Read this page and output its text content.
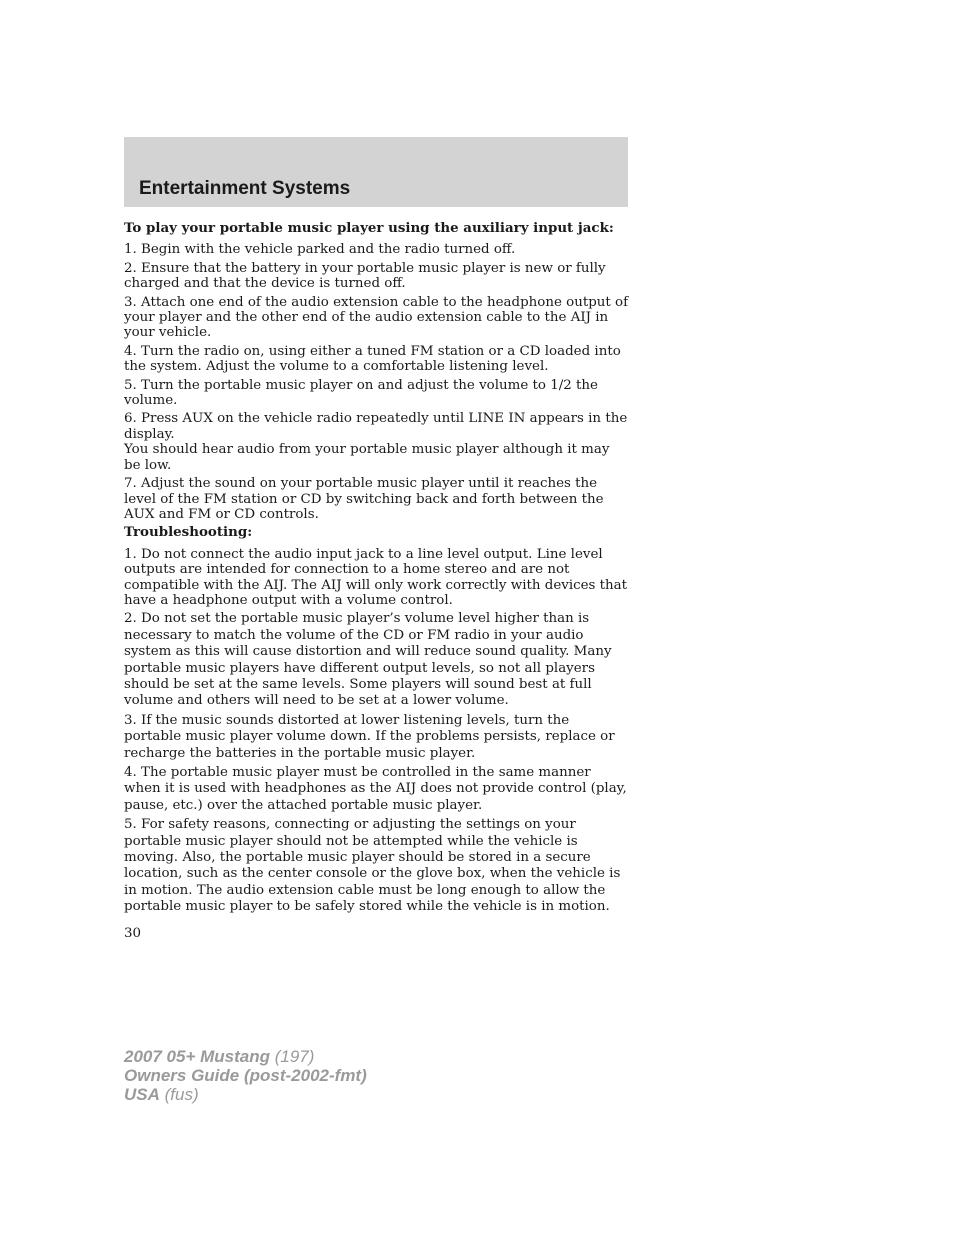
Entertainment Systems

To play your portable music player using the auxiliary input jack:

1. Begin with the vehicle parked and the radio turned off.

2. Ensure that the battery in your portable music player is new or fully charged and that the device is turned off.

3. Attach one end of the audio extension cable to the headphone output of your player and the other end of the audio extension cable to the AIJ in your vehicle.

4. Turn the radio on, using either a tuned FM station or a CD loaded into the system. Adjust the volume to a comfortable listening level.

5. Turn the portable music player on and adjust the volume to 1/2 the volume.

6. Press AUX on the vehicle radio repeatedly until LINE IN appears in the display.

You should hear audio from your portable music player although it may be low.

7. Adjust the sound on your portable music player until it reaches the level of the FM station or CD by switching back and forth between the AUX and FM or CD controls.

Troubleshooting:

1. Do not connect the audio input jack to a line level output. Line level outputs are intended for connection to a home stereo and are not compatible with the AIJ. The AIJ will only work correctly with devices that have a headphone output with a volume control.

2. Do not set the portable music player’s volume level higher than is necessary to match the volume of the CD or FM radio in your audio system as this will cause distortion and will reduce sound quality. Many portable music players have different output levels, so not all players should be set at the same levels. Some players will sound best at full volume and others will need to be set at a lower volume.

3. If the music sounds distorted at lower listening levels, turn the portable music player volume down. If the problems persists, replace or recharge the batteries in the portable music player.

4. The portable music player must be controlled in the same manner when it is used with headphones as the AIJ does not provide control (play, pause, etc.) over the attached portable music player.

5. For safety reasons, connecting or adjusting the settings on your portable music player should not be attempted while the vehicle is moving. Also, the portable music player should be stored in a secure location, such as the center console or the glove box, when the vehicle is in motion. The audio extension cable must be long enough to allow the portable music player to be safely stored while the vehicle is in motion.

30
2007 05+ Mustang (197)
Owners Guide (post-2002-fmt)
USA (fus)
